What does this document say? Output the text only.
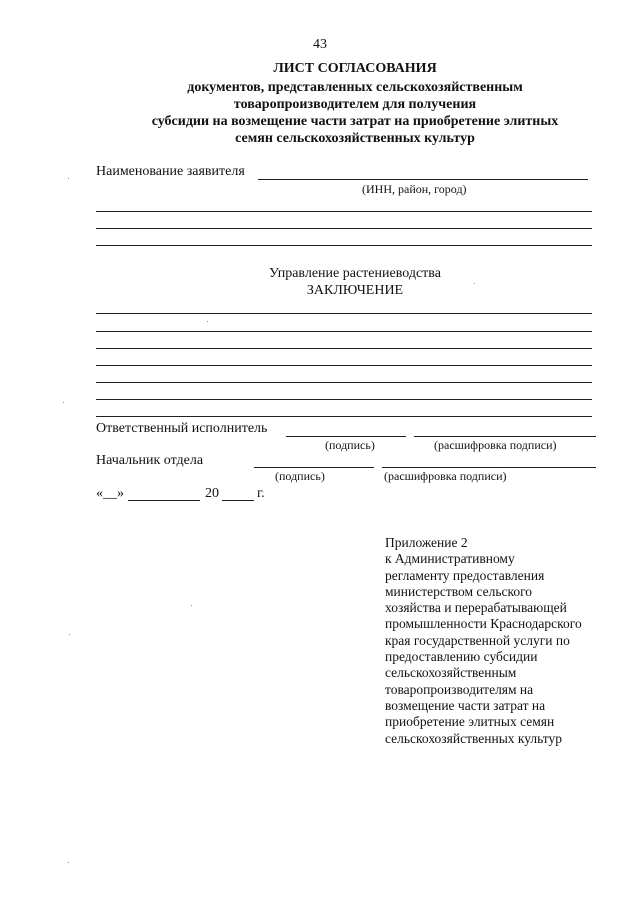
43
ЛИСТ СОГЛАСОВАНИЯ
документов, представленных сельскохозяйственным
товаропроизводителем для получения
субсидии на возмещение части затрат на приобретение элитных
семян сельскохозяйственных культур
Наименование заявителя
(ИНН, район, город)
Управление растениеводства
ЗАКЛЮЧЕНИЕ
Ответственный исполнитель
(подпись)	(расшифровка подписи)
Начальник отдела
(подпись)	(расшифровка подписи)
«__»	20	г.
Приложение 2
к Административному
регламенту предоставления
министерством сельского
хозяйства и перерабатывающей
промышленности Краснодарского
края государственной услуги по
предоставлению субсидии
сельскохозяйственным
товаропроизводителям на
возмещение части затрат на
приобретение элитных семян
сельскохозяйственных культур
